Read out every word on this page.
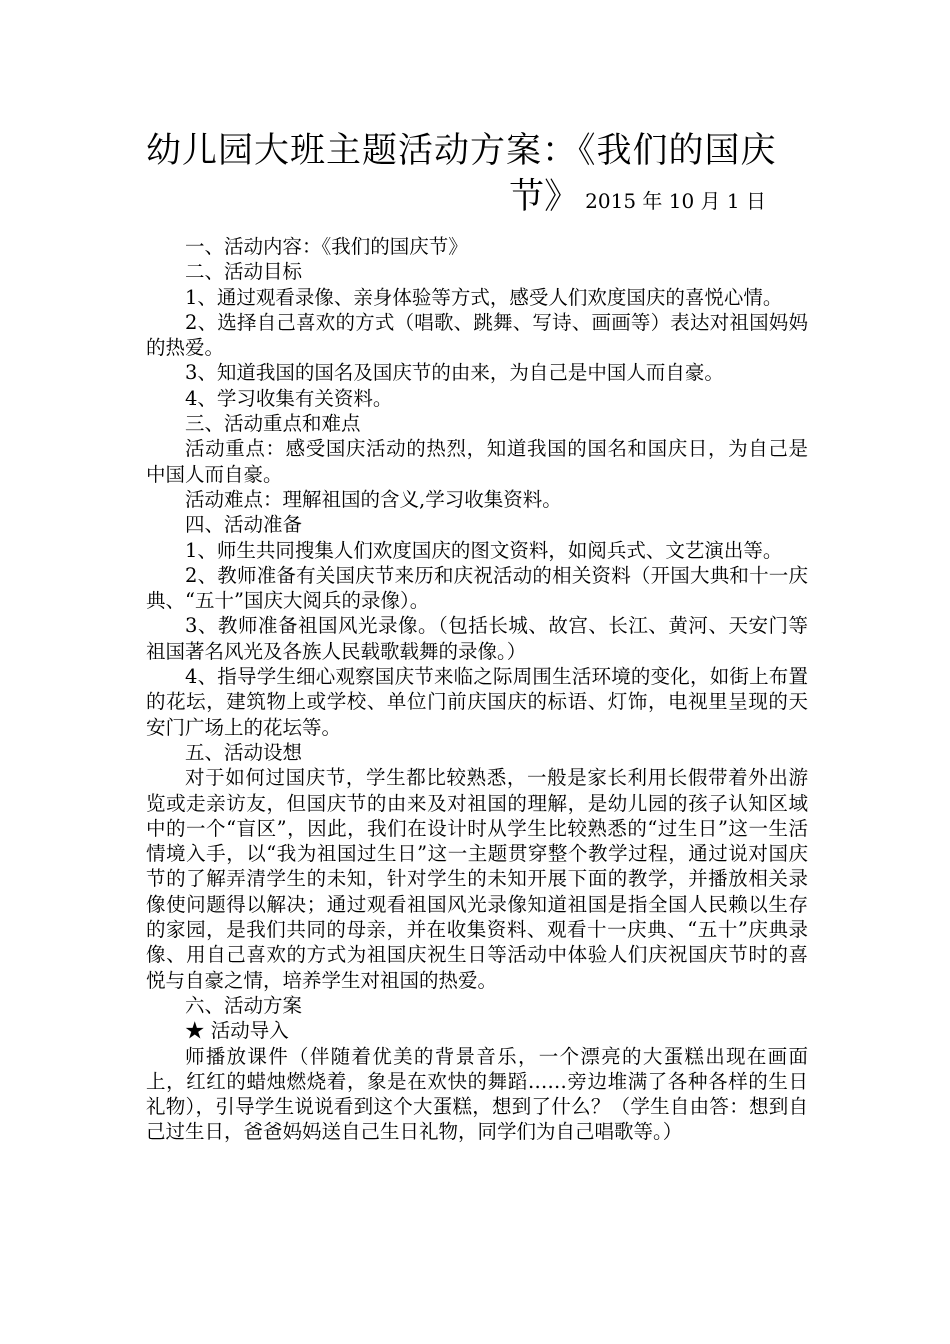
幼儿园大班主题活动方案：《我们的国庆
节》 2015 年 10 月 1 日

一、活动内容：《我们的国庆节》

二、活动目标

1、通过观看录像、亲身体验等方式，感受人们欢度国庆的喜悦心情。

2、选择自己喜欢的方式（唱歌、跳舞、写诗、画画等）表达对祖国妈妈的热爱。

3、知道我国的国名及国庆节的由来，为自己是中国人而自豪。

4、学习收集有关资料。

三、活动重点和难点

活动重点：感受国庆活动的热烈，知道我国的国名和国庆日，为自己是中国人而自豪。

活动难点：理解祖国的含义,学习收集资料。

四、活动准备

1、师生共同搜集人们欢度国庆的图文资料，如阅兵式、文艺演出等。

2、教师准备有关国庆节来历和庆祝活动的相关资料（开国大典和十一庆典、“五十”国庆大阅兵的录像）。

3、教师准备祖国风光录像。（包括长城、故宫、长江、黄河、天安门等祖国著名风光及各族人民载歌载舞的录像。）

4、指导学生细心观察国庆节来临之际周围生活环境的变化，如街上布置的花坛，建筑物上或学校、单位门前庆国庆的标语、灯饰，电视里呈现的天安门广场上的花坛等。

五、活动设想

对于如何过国庆节，学生都比较熟悉，一般是家长利用长假带着外出游览或走亲访友，但国庆节的由来及对祖国的理解，是幼儿园的孩子认知区域中的一个“盲区”，因此，我们在设计时从学生比较熟悉的“过生日”这一生活情境入手，以“我为祖国过生日”这一主题贯穿整个教学过程，通过说对国庆节的了解弄清学生的未知，针对学生的未知开展下面的教学，并播放相关录像使问题得以解决；通过观看祖国风光录像知道祖国是指全国人民赖以生存的家园，是我们共同的母亲，并在收集资料、观看十一庆典、“五十”庆典录像、用自己喜欢的方式为祖国庆祝生日等活动中体验人们庆祝国庆节时的喜悦与自豪之情，培养学生对祖国的热爱。

六、活动方案

★ 活动导入

师播放课件（伴随着优美的背景音乐，一个漂亮的大蛋糕出现在画面上，红红的蜡烛燃烧着，象是在欢快的舞蹈……旁边堆满了各种各样的生日礼物），引导学生说说看到这个大蛋糕，想到了什么？（学生自由答：想到自己过生日，爸爸妈妈送自己生日礼物，同学们为自己唱歌等。）
